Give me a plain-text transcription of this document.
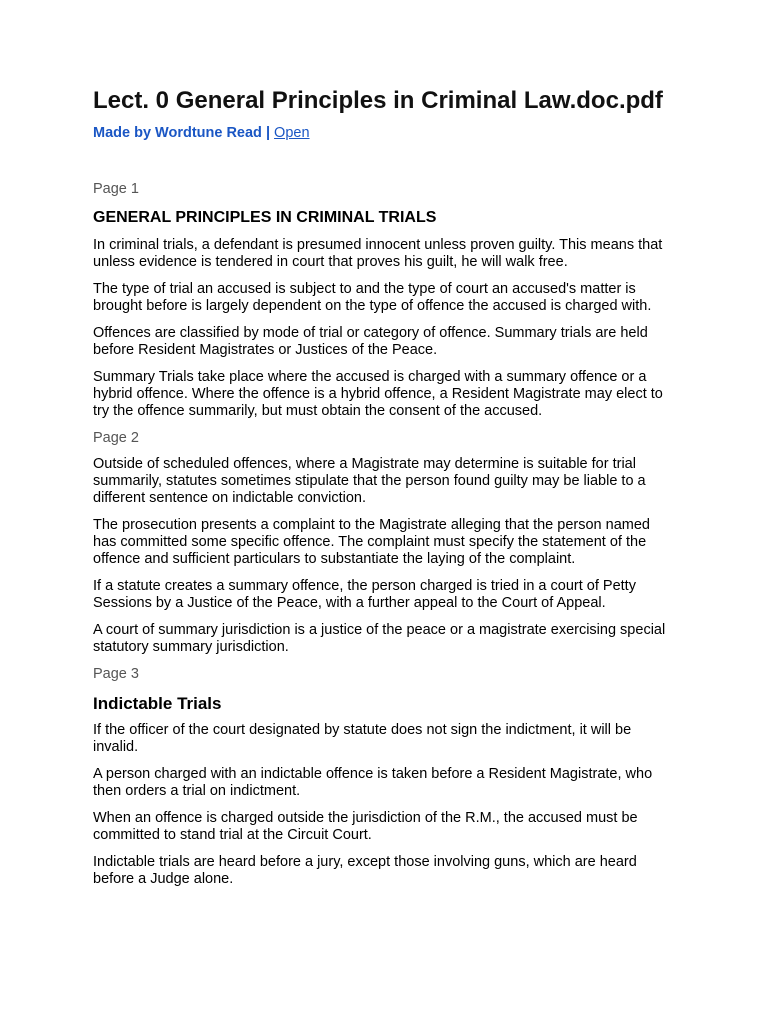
Lect. 0 General Principles in Criminal Law.doc.pdf
Made by Wordtune Read | Open
Page 1
GENERAL PRINCIPLES IN CRIMINAL TRIALS

In criminal trials, a defendant is presumed innocent unless proven guilty. This means that unless evidence is tendered in court that proves his guilt, he will walk free.

The type of trial an accused is subject to and the type of court an accused's matter is brought before is largely dependent on the type of offence the accused is charged with.

Offences are classified by mode of trial or category of offence. Summary trials are held before Resident Magistrates or Justices of the Peace.

Summary Trials take place where the accused is charged with a summary offence or a hybrid offence. Where the offence is a hybrid offence, a Resident Magistrate may elect to try the offence summarily, but must obtain the consent of the accused.

Page 2

Outside of scheduled offences, where a Magistrate may determine is suitable for trial summarily, statutes sometimes stipulate that the person found guilty may be liable to a different sentence on indictable conviction.

The prosecution presents a complaint to the Magistrate alleging that the person named has committed some specific offence. The complaint must specify the statement of the offence and sufficient particulars to substantiate the laying of the complaint.

If a statute creates a summary offence, the person charged is tried in a court of Petty Sessions by a Justice of the Peace, with a further appeal to the Court of Appeal.

A court of summary jurisdiction is a justice of the peace or a magistrate exercising special statutory summary jurisdiction.

Page 3
Indictable Trials

If the officer of the court designated by statute does not sign the indictment, it will be invalid.

A person charged with an indictable offence is taken before a Resident Magistrate, who then orders a trial on indictment.

When an offence is charged outside the jurisdiction of the R.M., the accused must be committed to stand trial at the Circuit Court.

Indictable trials are heard before a jury, except those involving guns, which are heard before a Judge alone.
